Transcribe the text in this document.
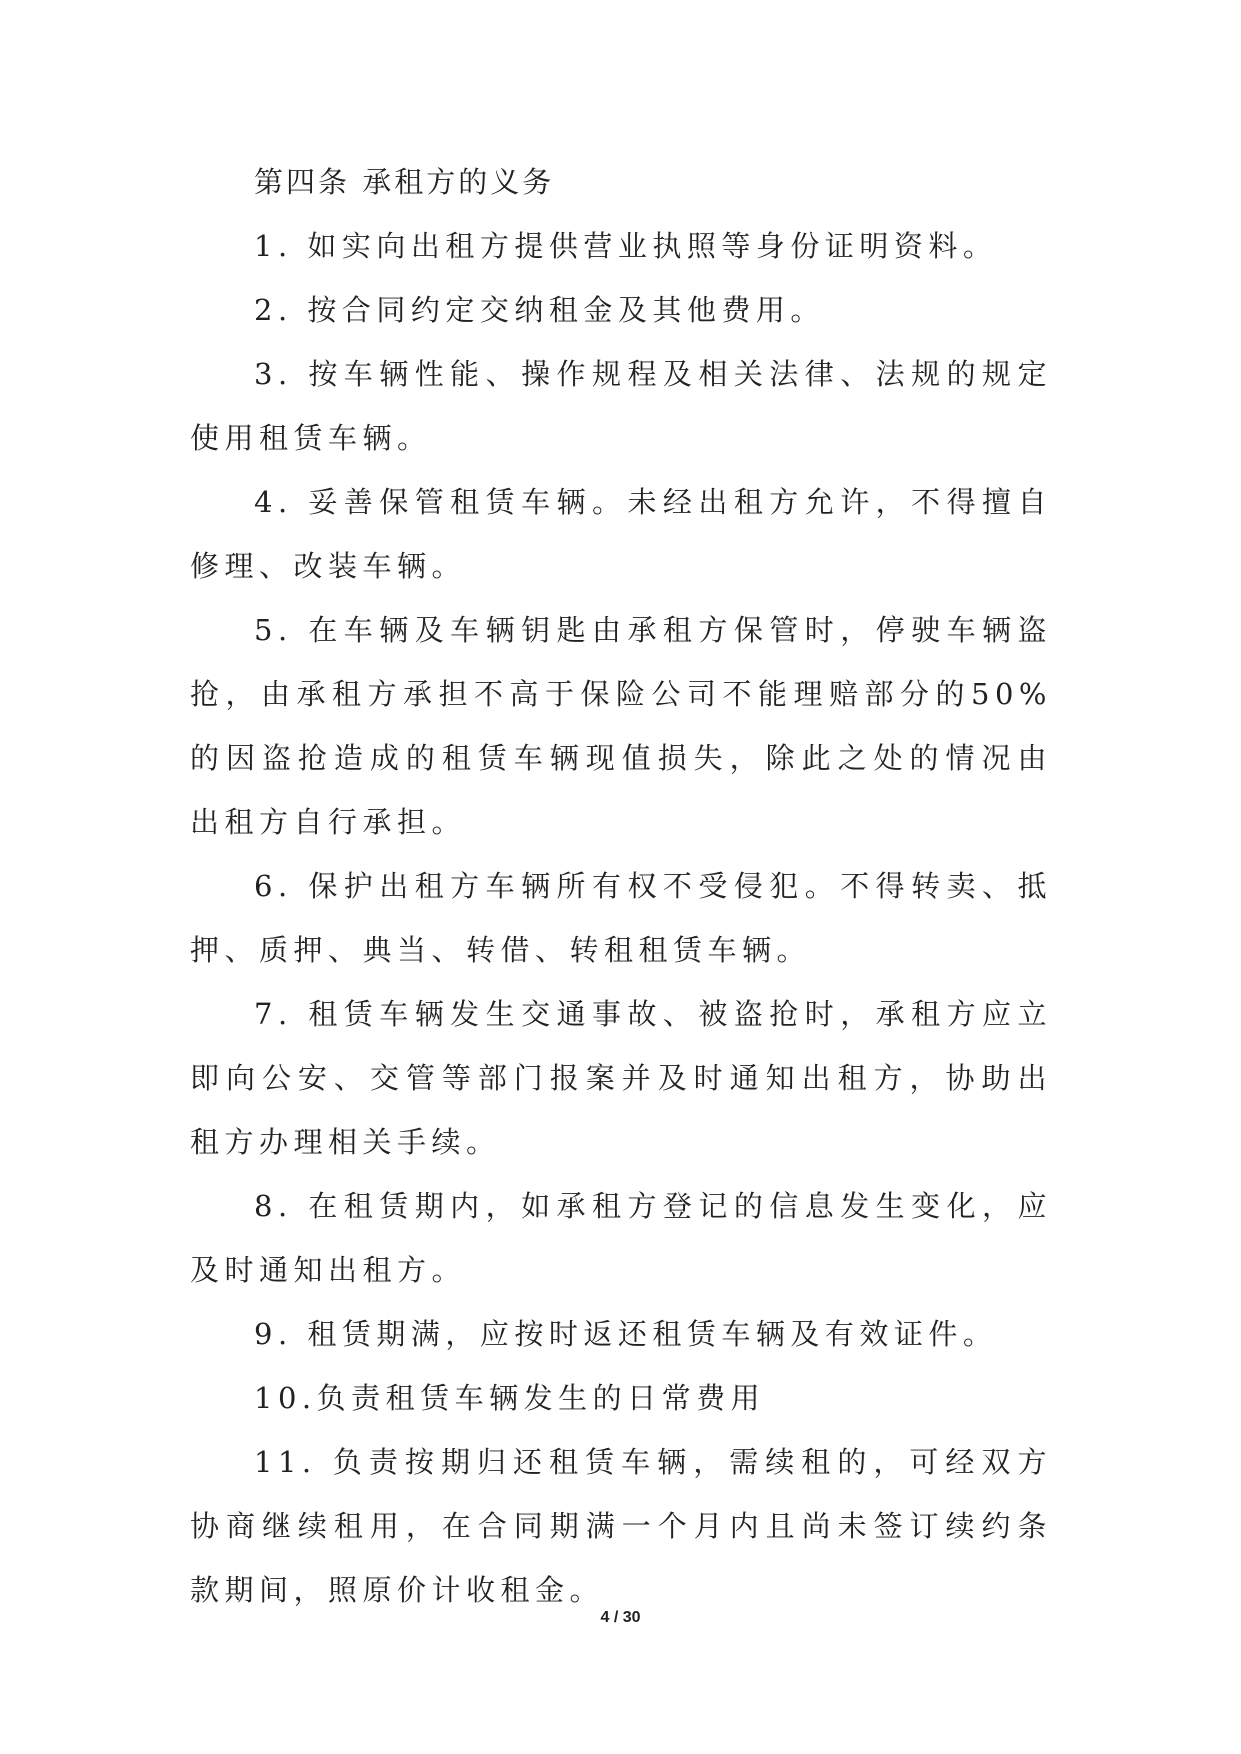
第四条 承租方的义务

1. 如实向出租方提供营业执照等身份证明资料。

2. 按合同约定交纳租金及其他费用。

3. 按车辆性能、操作规程及相关法律、法规的规定使用租赁车辆。

4. 妥善保管租赁车辆。未经出租方允许，不得擅自修理、改装车辆。

5. 在车辆及车辆钥匙由承租方保管时，停驶车辆盗抢，由承租方承担不高于保险公司不能理赔部分的50%的因盗抢造成的租赁车辆现值损失，除此之处的情况由出租方自行承担。

6. 保护出租方车辆所有权不受侵犯。不得转卖、抵押、质押、典当、转借、转租租赁车辆。

7. 租赁车辆发生交通事故、被盗抢时，承租方应立即向公安、交管等部门报案并及时通知出租方，协助出租方办理相关手续。

8. 在租赁期内，如承租方登记的信息发生变化，应及时通知出租方。

9. 租赁期满，应按时返还租赁车辆及有效证件。

10.负责租赁车辆发生的日常费用

11. 负责按期归还租赁车辆，需续租的，可经双方协商继续租用，在合同期满一个月内且尚未签订续约条款期间，照原价计收租金。

4 / 30
